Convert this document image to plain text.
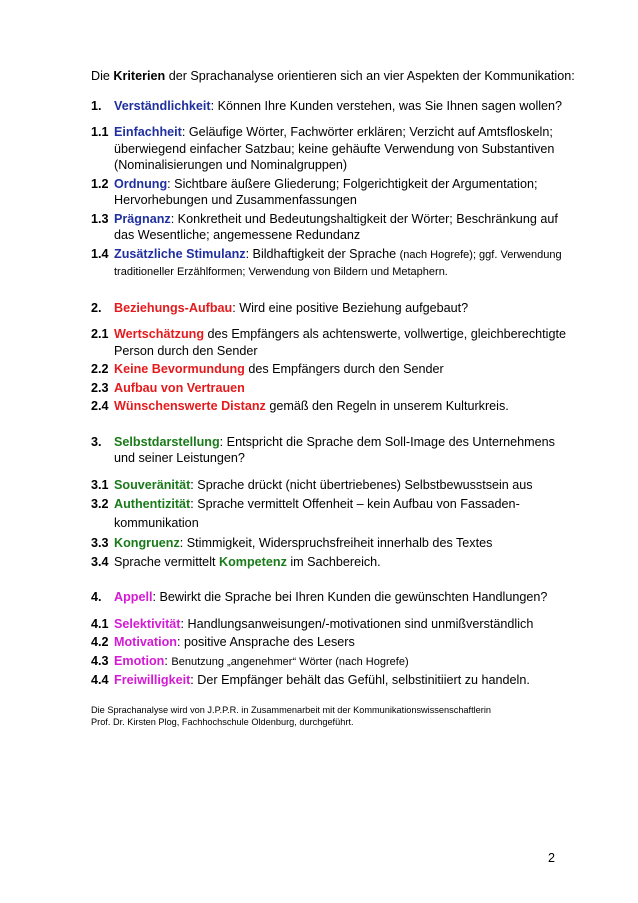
Die Kriterien der Sprachanalyse orientieren sich an vier Aspekten der Kommunikation:

1. Verständlichkeit: Können Ihre Kunden verstehen, was Sie Ihnen sagen wollen?
1.1 Einfachheit: Geläufige Wörter, Fachwörter erklären; Verzicht auf Amtsfloskeln; überwiegend einfacher Satzbau; keine gehäufte Verwendung von Substantiven (Nominalisierungen und Nominalgruppen)
1.2 Ordnung: Sichtbare äußere Gliederung; Folgerichtigkeit der Argumentation; Hervorhebungen und Zusammenfassungen
1.3 Prägnanz: Konkretheit und Bedeutungshaltigkeit der Wörter; Beschränkung auf das Wesentliche; angemessene Redundanz
1.4 Zusätzliche Stimulanz: Bildhaftigkeit der Sprache (nach Hogrefe); ggf. Verwendung traditioneller Erzählformen; Verwendung von Bildern und Metaphern.
2. Beziehungs-Aufbau: Wird eine positive Beziehung aufgebaut?
2.1 Wertschätzung des Empfängers als achtenswerte, vollwertige, gleichberechtigte Person durch den Sender
2.2 Keine Bevormundung des Empfängers durch den Sender
2.3 Aufbau von Vertrauen
2.4 Wünschenswerte Distanz gemäß den Regeln in unserem Kulturkreis.
3. Selbstdarstellung: Entspricht die Sprache dem Soll-Image des Unternehmens und seiner Leistungen?
3.1 Souveränität: Sprache drückt (nicht übertriebenes) Selbstbewusstsein aus
3.2 Authentizität: Sprache vermittelt Offenheit – kein Aufbau von Fassaden-kommunikation
3.3 Kongruenz: Stimmigkeit, Widerspruchsfreiheit innerhalb des Textes
3.4 Sprache vermittelt Kompetenz im Sachbereich.
4. Appell: Bewirkt die Sprache bei Ihren Kunden die gewünschten Handlungen?
4.1 Selektivität: Handlungsanweisungen/-motivationen sind unmißverständlich
4.2 Motivation: positive Ansprache des Lesers
4.3 Emotion: Benutzung „angenehmer“ Wörter (nach Hogrefe)
4.4 Freiwilligkeit: Der Empfänger behält das Gefühl, selbstinitiiert zu handeln.
Die Sprachanalyse wird von J.P.P.R. in Zusammenarbeit mit der Kommunikationswissenschaftlerin
Prof. Dr. Kirsten Plog, Fachhochschule Oldenburg, durchgeführt.
2
